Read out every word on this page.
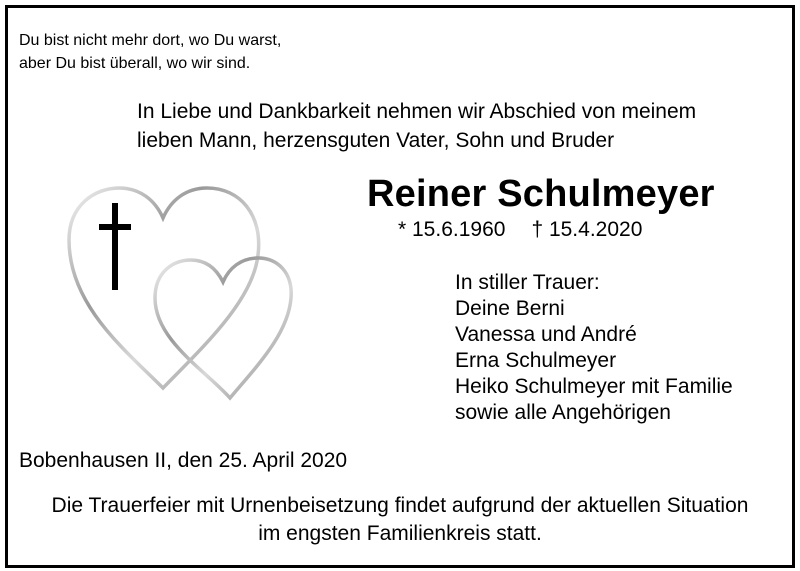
Du bist nicht mehr dort, wo Du warst,
aber Du bist überall, wo wir sind.
In Liebe und Dankbarkeit nehmen wir Abschied von meinem
lieben Mann, herzensguten Vater, Sohn und Bruder
Reiner Schulmeyer
* 15.6.1960 † 15.4.2020
In stiller Trauer:
Deine Berni
Vanessa und André
Erna Schulmeyer
Heiko Schulmeyer mit Familie
sowie alle Angehörigen
Bobenhausen II, den 25. April 2020
Die Trauerfeier mit Urnenbeisetzung findet aufgrund der aktuellen Situation
im engsten Familienkreis statt.
